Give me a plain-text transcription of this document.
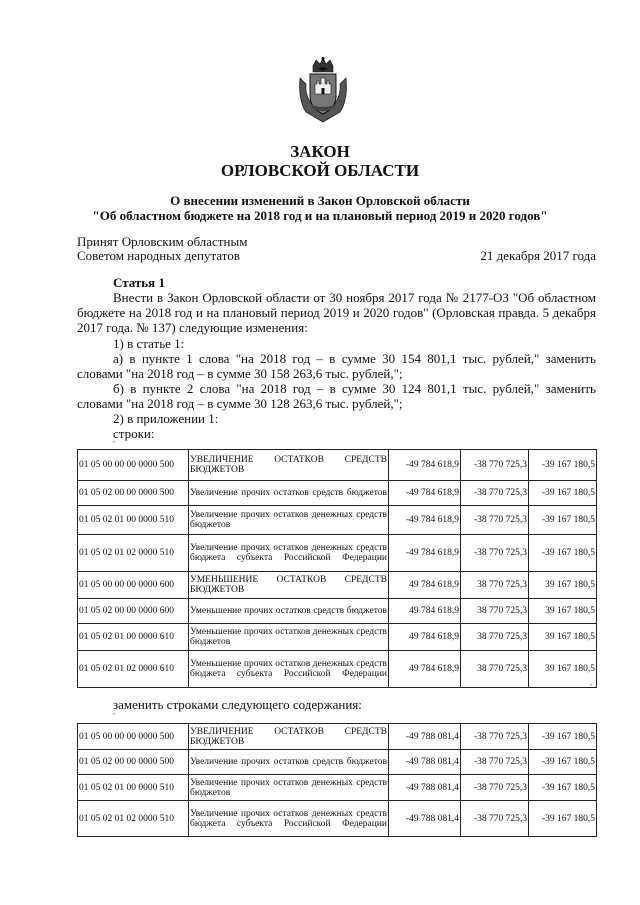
ЗАКОН
ОРЛОВСКОЙ ОБЛАСТИ
О внесении изменений в Закон Орловской области
"Об областном бюджете на 2018 год и на плановый период 2019 и 2020 годов"
Принят Орловским областным
Советом народных депутатов	21 декабря 2017 года
Статья 1
Внести в Закон Орловской области от 30 ноября 2017 года № 2177-ОЗ "Об областном
бюджете на 2018 год и на плановый период 2019 и 2020 годов" (Орловская правда. 5 декабря
2017 года. № 137) следующие изменения:
1) в статье 1:
а) в пункте 1 слова "на 2018 год – в сумме 30 154 801,1 тыс. рублей," заменить
словами "на 2018 год – в сумме 30 158 263,6 тыс. рублей,";
б) в пункте 2 слова "на 2018 год – в сумме 30 124 801,1 тыс. рублей," заменить
словами "на 2018 год – в сумме 30 128 263,6 тыс. рублей,";
2) в приложении 1:
строки:
"
01 05 00 00 00 0000 500	УВЕЛИЧЕНИЕ ОСТАТКОВ СРЕДСТВ БЮДЖЕТОВ	-49 784 618,9	-38 770 725,3	-39 167 180,5
01 05 02 00 00 0000 500	Увеличение прочих остатков средств бюджетов	-49 784 618,9	-38 770 725,3	-39 167 180,5
01 05 02 01 00 0000 510	Увеличение прочих остатков денежных средств бюджетов	-49 784 618,9	-38 770 725,3	-39 167 180,5
01 05 02 01 02 0000 510	Увеличение прочих остатков денежных средств бюджета субъекта Российской Федерации	-49 784 618,9	-38 770 725,3	-39 167 180,5
01 05 00 00 00 0000 600	УМЕНЬШЕНИЕ ОСТАТКОВ СРЕДСТВ БЮДЖЕТОВ	49 784 618,9	38 770 725,3	39 167 180,5
01 05 02 00 00 0000 600	Уменьшение прочих остатков средств бюджетов	49 784 618,9	38 770 725,3	39 167 180,5
01 05 02 01 00 0000 610	Уменьшение прочих остатков денежных средств бюджетов	49 784 618,9	38 770 725,3	39 167 180,5
01 05 02 01 02 0000 610	Уменьшение прочих остатков денежных средств бюджета субъекта Российской Федерации	49 784 618,9	38 770 725,3	39 167 180,5
"
заменить строками следующего содержания:
"
01 05 00 00 00 0000 500	УВЕЛИЧЕНИЕ ОСТАТКОВ СРЕДСТВ БЮДЖЕТОВ	-49 788 081,4	-38 770 725,3	-39 167 180,5
01 05 02 00 00 0000 500	Увеличение прочих остатков средств бюджетов	-49 788 081,4	-38 770 725,3	-39 167 180,5
01 05 02 01 00 0000 510	Увеличение прочих остатков денежных средств бюджетов	-49 788 081,4	-38 770 725,3	-39 167 180,5
01 05 02 01 02 0000 510	Увеличение прочих остатков денежных средств бюджета субъекта Российской Федерации	-49 788 081,4	-38 770 725,3	-39 167 180,5
